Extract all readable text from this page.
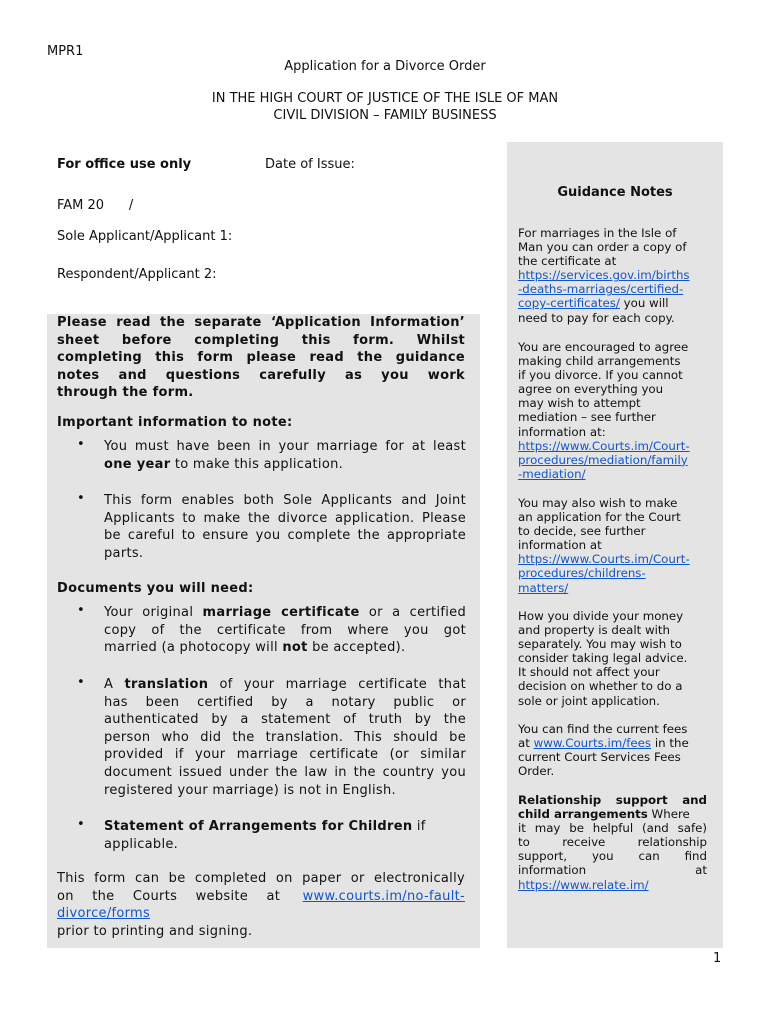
MPR1
Application for a Divorce Order
IN THE HIGH COURT OF JUSTICE OF THE ISLE OF MAN
CIVIL DIVISION – FAMILY BUSINESS
For office use only	Date of Issue:
FAM 20      /
Sole Applicant/Applicant 1:
Respondent/Applicant 2:
Please read the separate ‘Application Information’
sheet before completing this form. Whilst
completing this form please read the guidance
notes and questions carefully as you work
through the form.
Important information to note:
• You must have been in your marriage for at least
one year to make this application.
• This form enables both Sole Applicants and Joint
Applicants to make the divorce application. Please
be careful to ensure you complete the appropriate
parts.
Documents you will need:
• Your original marriage certificate or a certified
copy of the certificate from where you got
married (a photocopy will not be accepted).
• A translation of your marriage certificate that
has been certified by a notary public or
authenticated by a statement of truth by the
person who did the translation. This should be
provided if your marriage certificate (or similar
document issued under the law in the country you
registered your marriage) is not in English.
• Statement of Arrangements for Children if
applicable.
This form can be completed on paper or electronically
on the Courts website at www.courts.im/no-fault-
divorce/forms
prior to printing and signing.
Guidance Notes
For marriages in the Isle of
Man you can order a copy of
the certificate at
https://services.gov.im/births
-deaths-marriages/certified-
copy-certificates/ you will
need to pay for each copy.
You are encouraged to agree
making child arrangements
if you divorce. If you cannot
agree on everything you
may wish to attempt
mediation – see further
information at:
https://www.Courts.im/Court-
procedures/mediation/family
-mediation/
You may also wish to make
an application for the Court
to decide, see further
information at
https://www.Courts.im/Court-
procedures/childrens-
matters/
How you divide your money
and property is dealt with
separately. You may wish to
consider taking legal advice.
It should not affect your
decision on whether to do a
sole or joint application.
You can find the current fees
at www.Courts.im/fees in the
current Court Services Fees
Order.
Relationship support and
child arrangements Where
it may be helpful (and safe)
to receive relationship
support, you can find
information at
https://www.relate.im/
1
